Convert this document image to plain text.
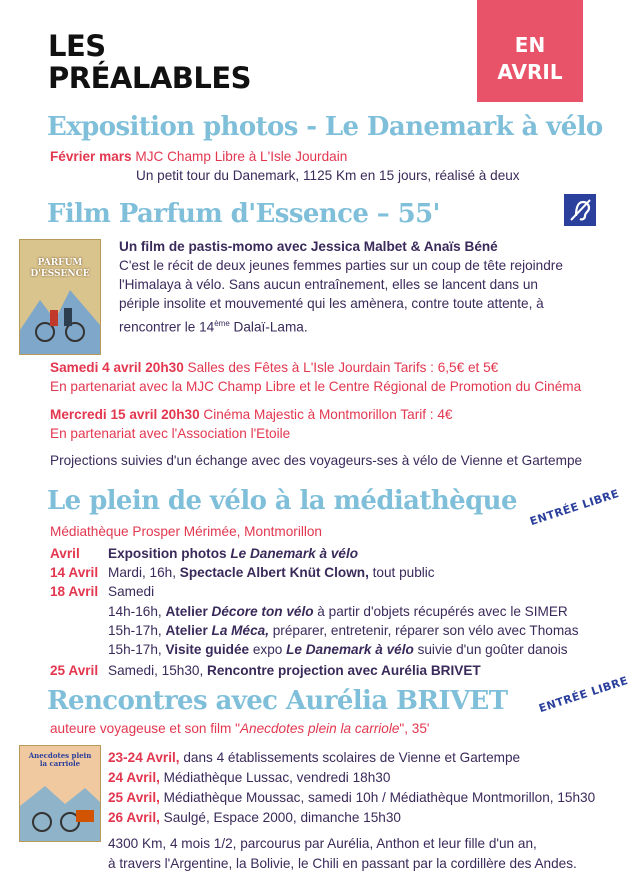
LES
PRÉALABLES
EN
AVRIL
Exposition photos - Le Danemark à vélo
Février mars MJC Champ Libre à L'Isle Jourdain
Un petit tour du Danemark, 1125 Km en 15 jours, réalisé à deux
Film Parfum d'Essence – 55'
PARFUM
D'ESSENCE
Un film de pastis-momo avec Jessica Malbet & Anaïs Béné
C'est le récit de deux jeunes femmes parties sur un coup de tête rejoindre
l'Himalaya à vélo. Sans aucun entraînement, elles se lancent dans un
périple insolite et mouvementé qui les amènera, contre toute attente, à
rencontrer le 14ème Dalaï-Lama.
Samedi 4 avril 20h30 Salles des Fêtes à L'Isle Jourdain Tarifs : 6,5€ et 5€
En partenariat avec la MJC Champ Libre et le Centre Régional de Promotion du Cinéma
Mercredi 15 avril 20h30 Cinéma Majestic à Montmorillon Tarif : 4€
En partenariat avec l'Association l'Etoile
Projections suivies d'un échange avec des voyageurs-ses à vélo de Vienne et Gartempe
Le plein de vélo à la médiathèque ENTRÉE LIBRE
Médiathèque Prosper Mérimée, Montmorillon
Avril Exposition photos Le Danemark à vélo
14 Avril Mardi, 16h, Spectacle Albert Knüt Clown, tout public
18 Avril Samedi
14h-16h, Atelier Décore ton vélo à partir d'objets récupérés avec le SIMER
15h-17h, Atelier La Méca, préparer, entretenir, réparer son vélo avec Thomas
15h-17h, Visite guidée expo Le Danemark à vélo suivie d'un goûter danois
25 Avril Samedi, 15h30, Rencontre projection avec Aurélia BRIVET
Rencontres avec Aurélia BRIVET	ENTRÉE LIBRE
auteure voyageuse et son film "Anecdotes plein la carriole", 35'
Anecdotes plein la carriole	23-24 Avril, dans 4 établissements scolaires de Vienne et Gartempe
24 Avril, Médiathèque Lussac, vendredi 18h30
25 Avril, Médiathèque Moussac, samedi 10h / Médiathèque Montmorillon, 15h30
26 Avril, Saulgé, Espace 2000, dimanche 15h30
4300 Km, 4 mois 1/2, parcourus par Aurélia, Anthon et leur fille d'un an,
à travers l'Argentine, la Bolivie, le Chili en passant par la cordillère des Andes.
